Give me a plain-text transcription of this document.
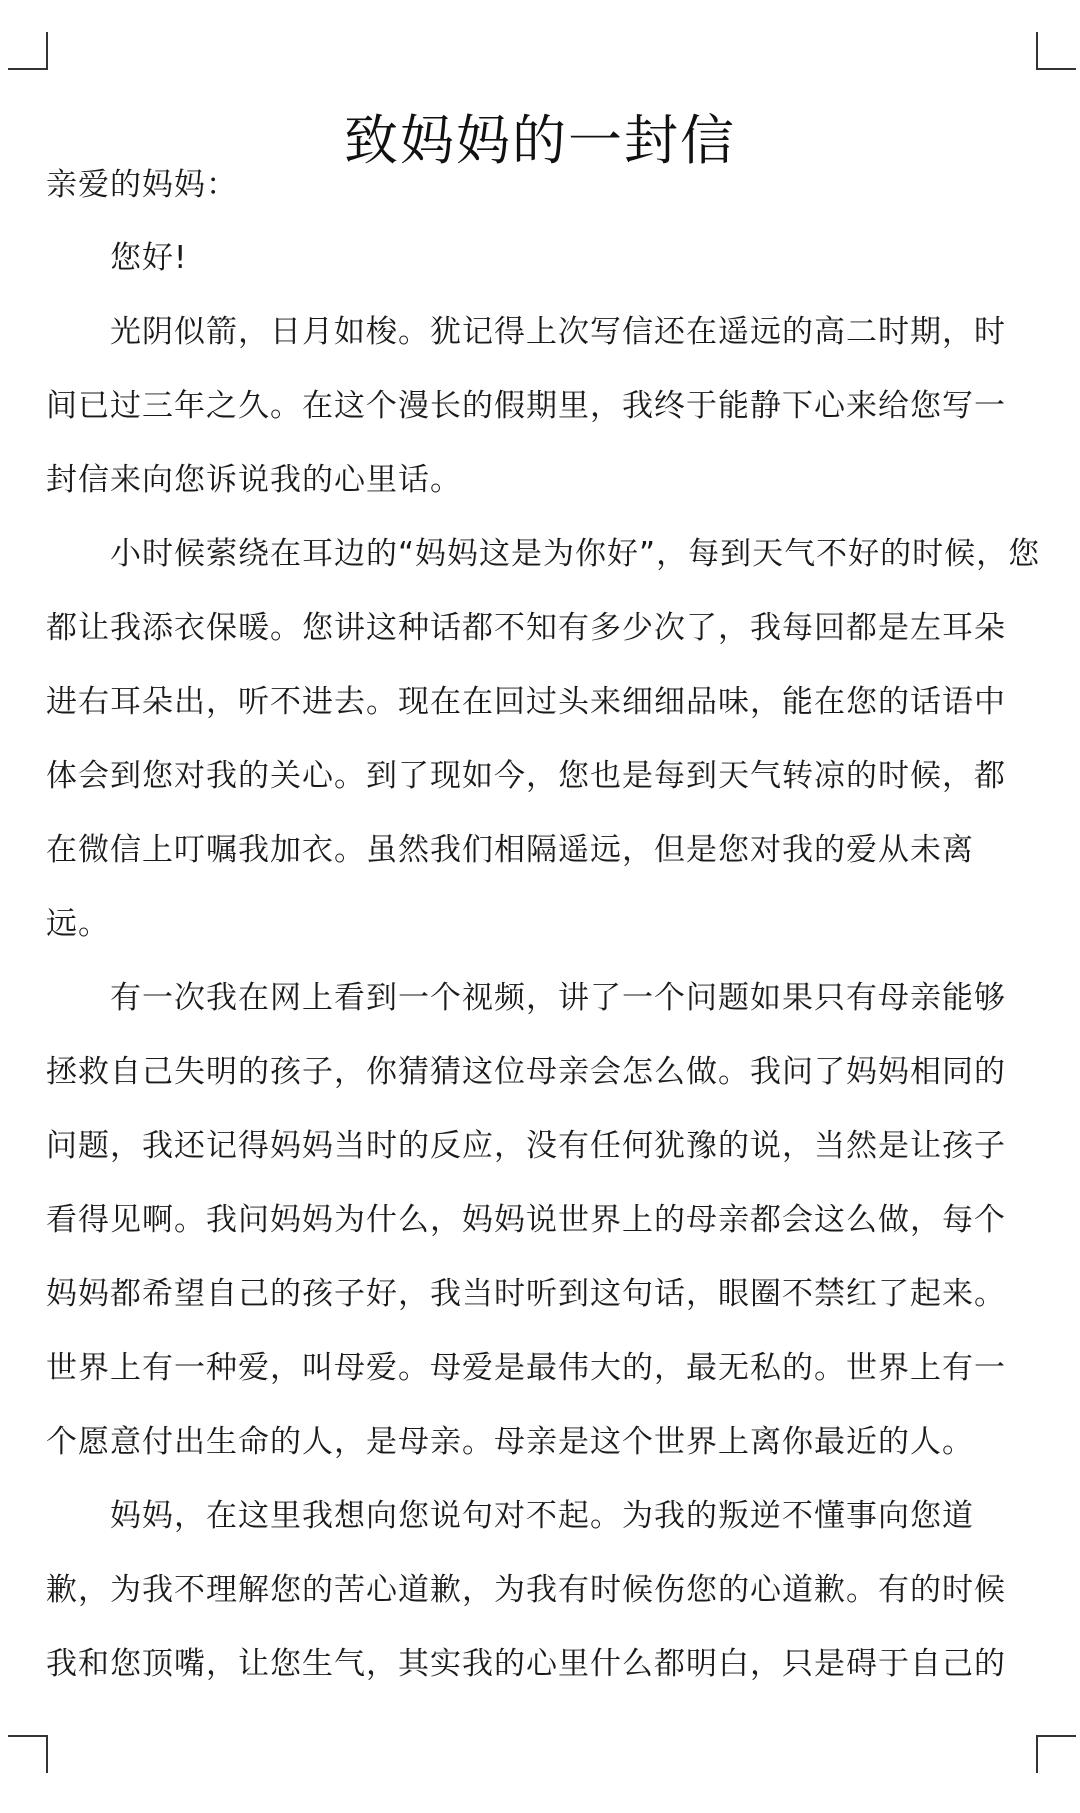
致妈妈的一封信
亲爱的妈妈：
您好!
光阴似箭，日月如梭。犹记得上次写信还在遥远的高二时期，时
间已过三年之久。在这个漫长的假期里，我终于能静下心来给您写一
封信来向您诉说我的心里话。
小时候萦绕在耳边的“妈妈这是为你好”，每到天气不好的时候，您
都让我添衣保暖。您讲这种话都不知有多少次了，我每回都是左耳朵
进右耳朵出，听不进去。现在在回过头来细细品味，能在您的话语中
体会到您对我的关心。到了现如今，您也是每到天气转凉的时候，都
在微信上叮嘱我加衣。虽然我们相隔遥远，但是您对我的爱从未离
远。
有一次我在网上看到一个视频，讲了一个问题如果只有母亲能够
拯救自己失明的孩子，你猜猜这位母亲会怎么做。我问了妈妈相同的
问题，我还记得妈妈当时的反应，没有任何犹豫的说，当然是让孩子
看得见啊。我问妈妈为什么，妈妈说世界上的母亲都会这么做，每个
妈妈都希望自己的孩子好，我当时听到这句话，眼圈不禁红了起来。
世界上有一种爱，叫母爱。母爱是最伟大的，最无私的。世界上有一
个愿意付出生命的人，是母亲。母亲是这个世界上离你最近的人。
妈妈，在这里我想向您说句对不起。为我的叛逆不懂事向您道
歉，为我不理解您的苦心道歉，为我有时候伤您的心道歉。有的时候
我和您顶嘴，让您生气，其实我的心里什么都明白，只是碍于自己的
